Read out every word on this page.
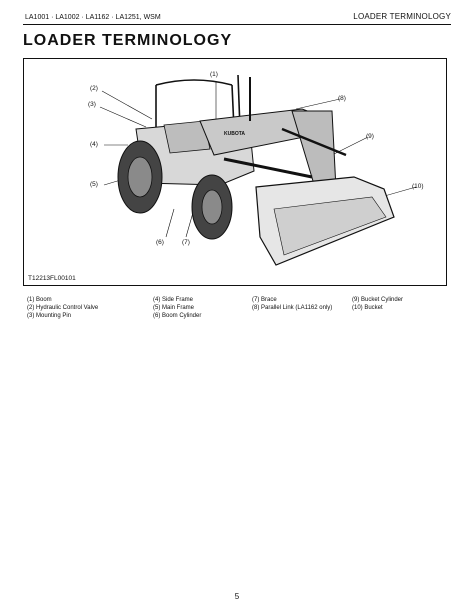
LA1001 · LA1002 · LA1162 · LA1251, WSM	LOADER TERMINOLOGY
LOADER TERMINOLOGY
KUBOTA
(1)
(2)
(3)
(4)
(5)
(6)	(7)
(8)
(9)
(10)
T12213FL00101
(1) Boom
(2) Hydraulic Control Valve
(3) Mounting Pin
(4) Side Frame
(5) Main Frame
(6) Boom Cylinder
(7) Brace
(8) Parallel Link (LA1162 only)
(9) Bucket Cylinder
(10) Bucket
5
